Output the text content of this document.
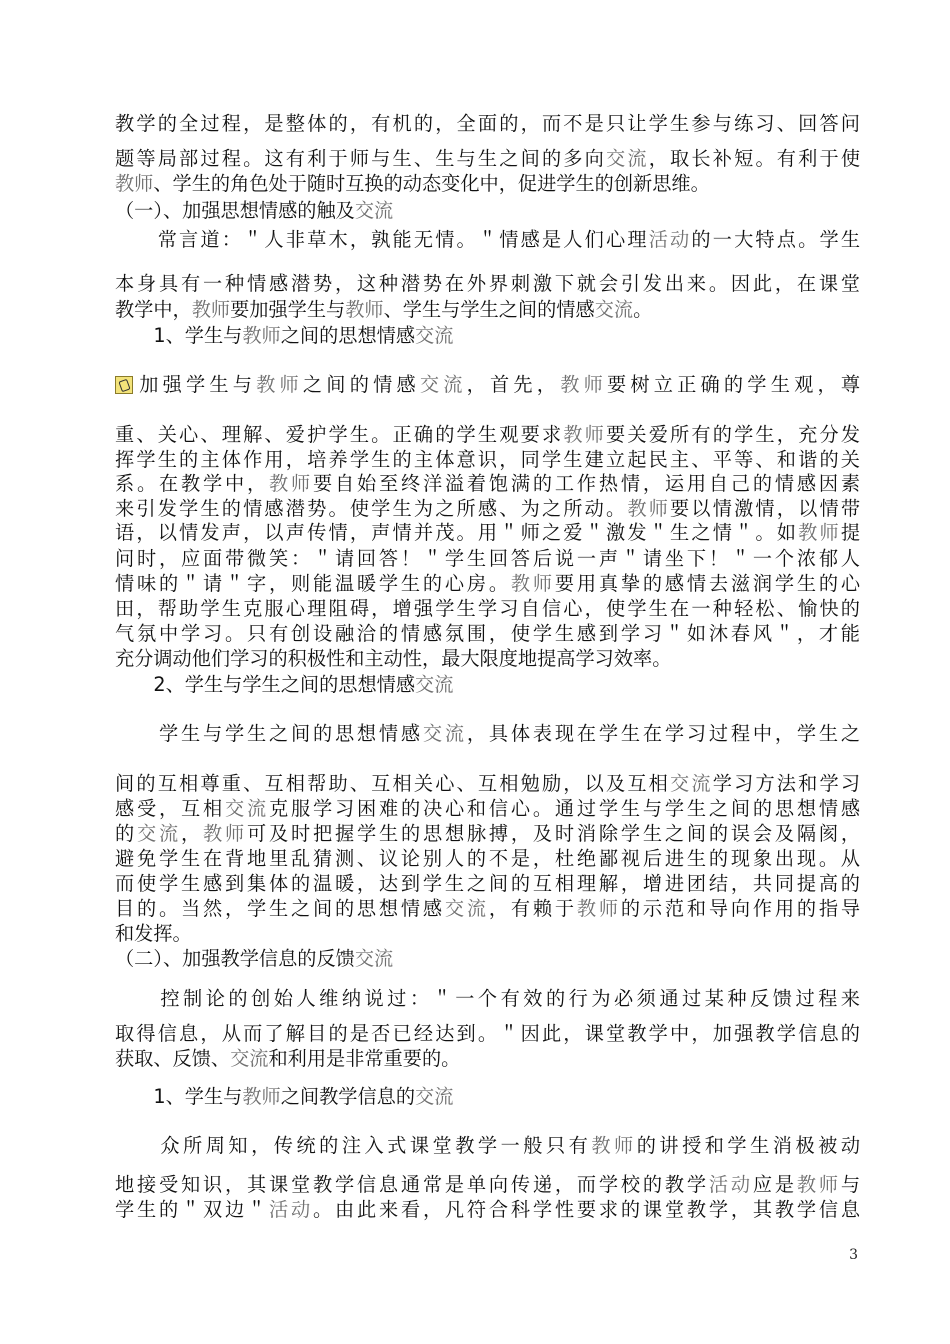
教学的全过程，是整体的，有机的，全面的，而不是只让学生参与练习、回答问
题等局部过程。这有利于师与生、生与生之间的多向交流，取长补短。有利于使
教师、学生的角色处于随时互换的动态变化中，促进学生的创新思维。
（一）、加强思想情感的触及交流
　　常言道：＂人非草木，孰能无情。＂情感是人们心理活动的一大特点。学生
本身具有一种情感潜势，这种潜势在外界刺激下就会引发出来。因此，在课堂
教学中，教师要加强学生与教师、学生与学生之间的情感交流。
　　1、学生与教师之间的思想情感交流
加强学生与教师之间的情感交流，首先，教师要树立正确的学生观，尊
重、关心、理解、爱护学生。正确的学生观要求教师要关爱所有的学生，充分发
挥学生的主体作用，培养学生的主体意识，同学生建立起民主、平等、和谐的关
系。在教学中，教师要自始至终洋溢着饱满的工作热情，运用自己的情感因素
来引发学生的情感潜势。使学生为之所感、为之所动。教师要以情激情，以情带
语，以情发声，以声传情，声情并茂。用＂师之爱＂激发＂生之情＂。如教师提
问时，应面带微笑：＂请回答！＂学生回答后说一声＂请坐下！＂一个浓郁人
情味的＂请＂字，则能温暖学生的心房。教师要用真挚的感情去滋润学生的心
田，帮助学生克服心理阻碍，增强学生学习自信心，使学生在一种轻松、愉快的
气氛中学习。只有创设融洽的情感氛围，使学生感到学习＂如沐春风＂，才能
充分调动他们学习的积极性和主动性，最大限度地提高学习效率。
　　2、学生与学生之间的思想情感交流
　　学生与学生之间的思想情感交流，具体表现在学生在学习过程中，学生之
间的互相尊重、互相帮助、互相关心、互相勉励，以及互相交流学习方法和学习
感受，互相交流克服学习困难的决心和信心。通过学生与学生之间的思想情感
的交流，教师可及时把握学生的思想脉搏，及时消除学生之间的误会及隔阂，
避免学生在背地里乱猜测、议论别人的不是，杜绝鄙视后进生的现象出现。从
而使学生感到集体的温暖，达到学生之间的互相理解，增进团结，共同提高的
目的。当然，学生之间的思想情感交流，有赖于教师的示范和导向作用的指导
和发挥。
（二）、加强教学信息的反馈交流
　　控制论的创始人维纳说过：＂一个有效的行为必须通过某种反馈过程来
取得信息，从而了解目的是否已经达到。＂因此，课堂教学中，加强教学信息的
获取、反馈、交流和利用是非常重要的。
　　1、学生与教师之间教学信息的交流
　　众所周知，传统的注入式课堂教学一般只有教师的讲授和学生消极被动
地接受知识，其课堂教学信息通常是单向传递，而学校的教学活动应是教师与
学生的＂双边＂活动。由此来看，凡符合科学性要求的课堂教学，其教学信息
3
